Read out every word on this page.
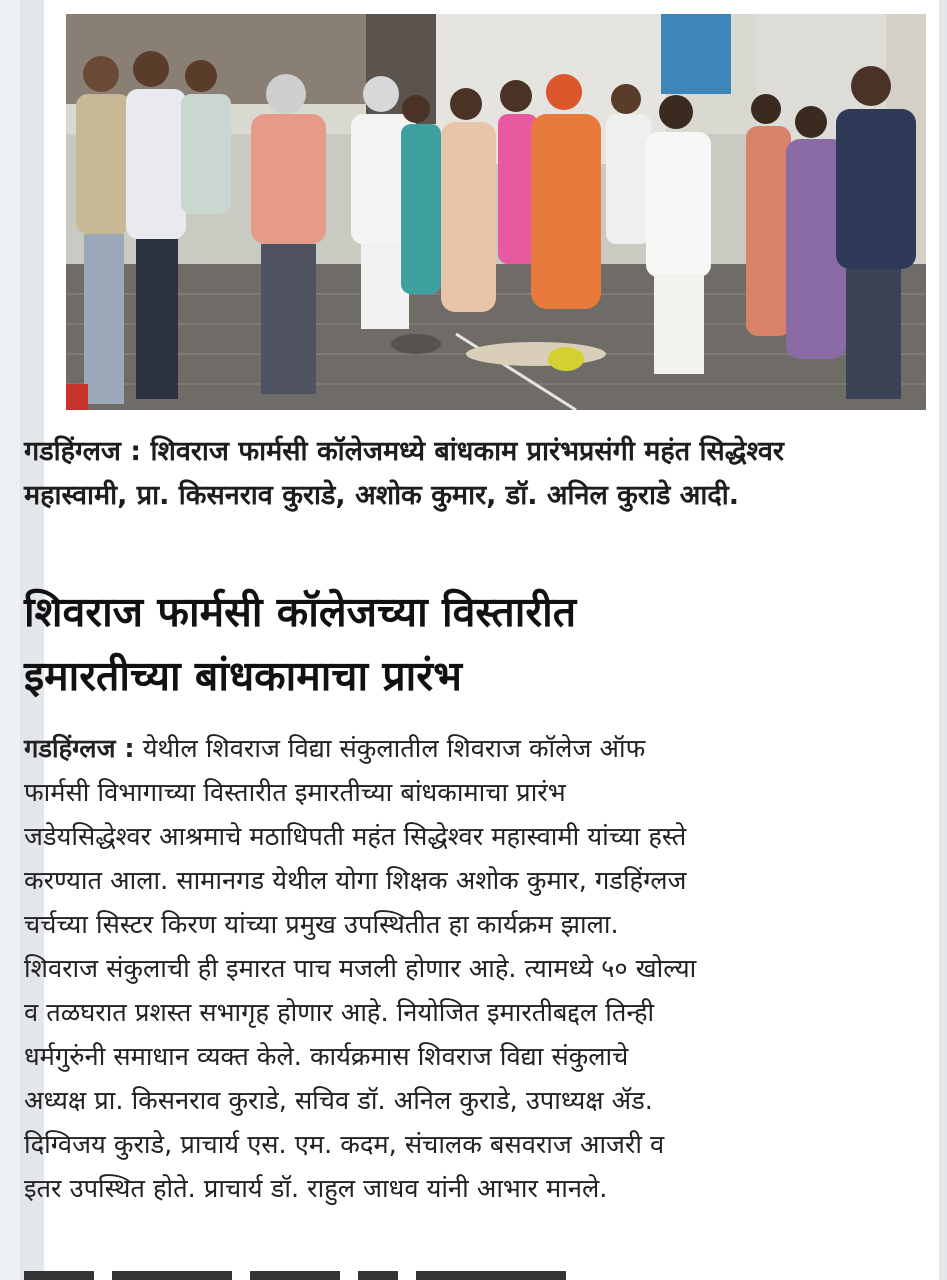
गडहिंग्लज : शिवराज फार्मसी कॉलेजमध्ये बांधकाम प्रारंभप्रसंगी महंत सिद्धेश्वर महास्वामी, प्रा. किसनराव कुराडे, अशोक कुमार, डॉ. अनिल कुराडे आदी.

शिवराज फार्मसी कॉलेजच्या विस्तारीत
इमारतीच्या बांधकामाचा प्रारंभ

गडहिंग्लज : येथील शिवराज विद्या संकुलातील शिवराज कॉलेज ऑफ
फार्मसी विभागाच्या विस्तारीत इमारतीच्या बांधकामाचा प्रारंभ
जडेयसिद्धेश्वर आश्रमाचे मठाधिपती महंत सिद्धेश्वर महास्वामी यांच्या हस्ते
करण्यात आला. सामानगड येथील योगा शिक्षक अशोक कुमार, गडहिंग्लज
चर्चच्या सिस्टर किरण यांच्या प्रमुख उपस्थितीत हा कार्यक्रम झाला.
शिवराज संकुलाची ही इमारत पाच मजली होणार आहे. त्यामध्ये ५० खोल्या
व तळघरात प्रशस्त सभागृह होणार आहे. नियोजित इमारतीबद्दल तिन्ही
धर्मगुरुंनी समाधान व्यक्त केले. कार्यक्रमास शिवराज विद्या संकुलाचे
अध्यक्ष प्रा. किसनराव कुराडे, सचिव डॉ. अनिल कुराडे, उपाध्यक्ष ॲड.
दिग्विजय कुराडे, प्राचार्य एस. एम. कदम, संचालक बसवराज आजरी व
इतर उपस्थित होते. प्राचार्य डॉ. राहुल जाधव यांनी आभार मानले.
